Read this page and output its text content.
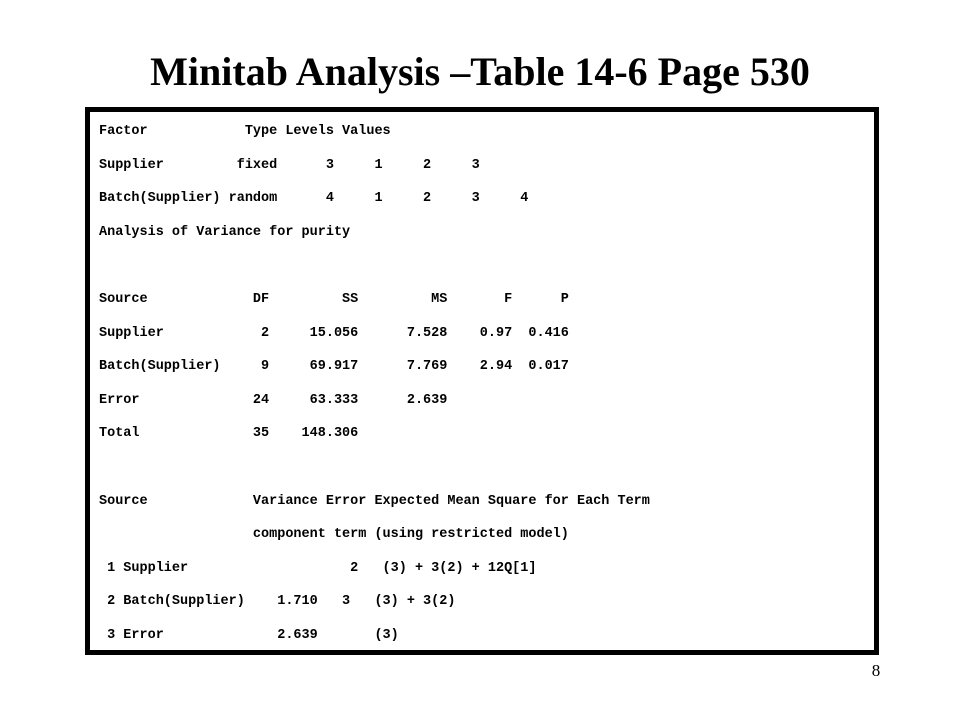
Minitab Analysis –Table 14-6 Page 530
Factor            Type Levels Values
Supplier         fixed      3     1     2     3
Batch(Supplier) random      4     1     2     3     4
Analysis of Variance for purity
Source             DF         SS         MS       F      P
Supplier            2     15.056      7.528    0.97  0.416
Batch(Supplier)     9     69.917      7.769    2.94  0.017
Error              24     63.333      2.639
Total              35    148.306
Source             Variance Error Expected Mean Square for Each Term
component term (using restricted model)
1 Supplier                    2   (3) + 3(2) + 12Q[1]
2 Batch(Supplier)    1.710   3   (3) + 3(2)
3 Error              2.639       (3)
8
